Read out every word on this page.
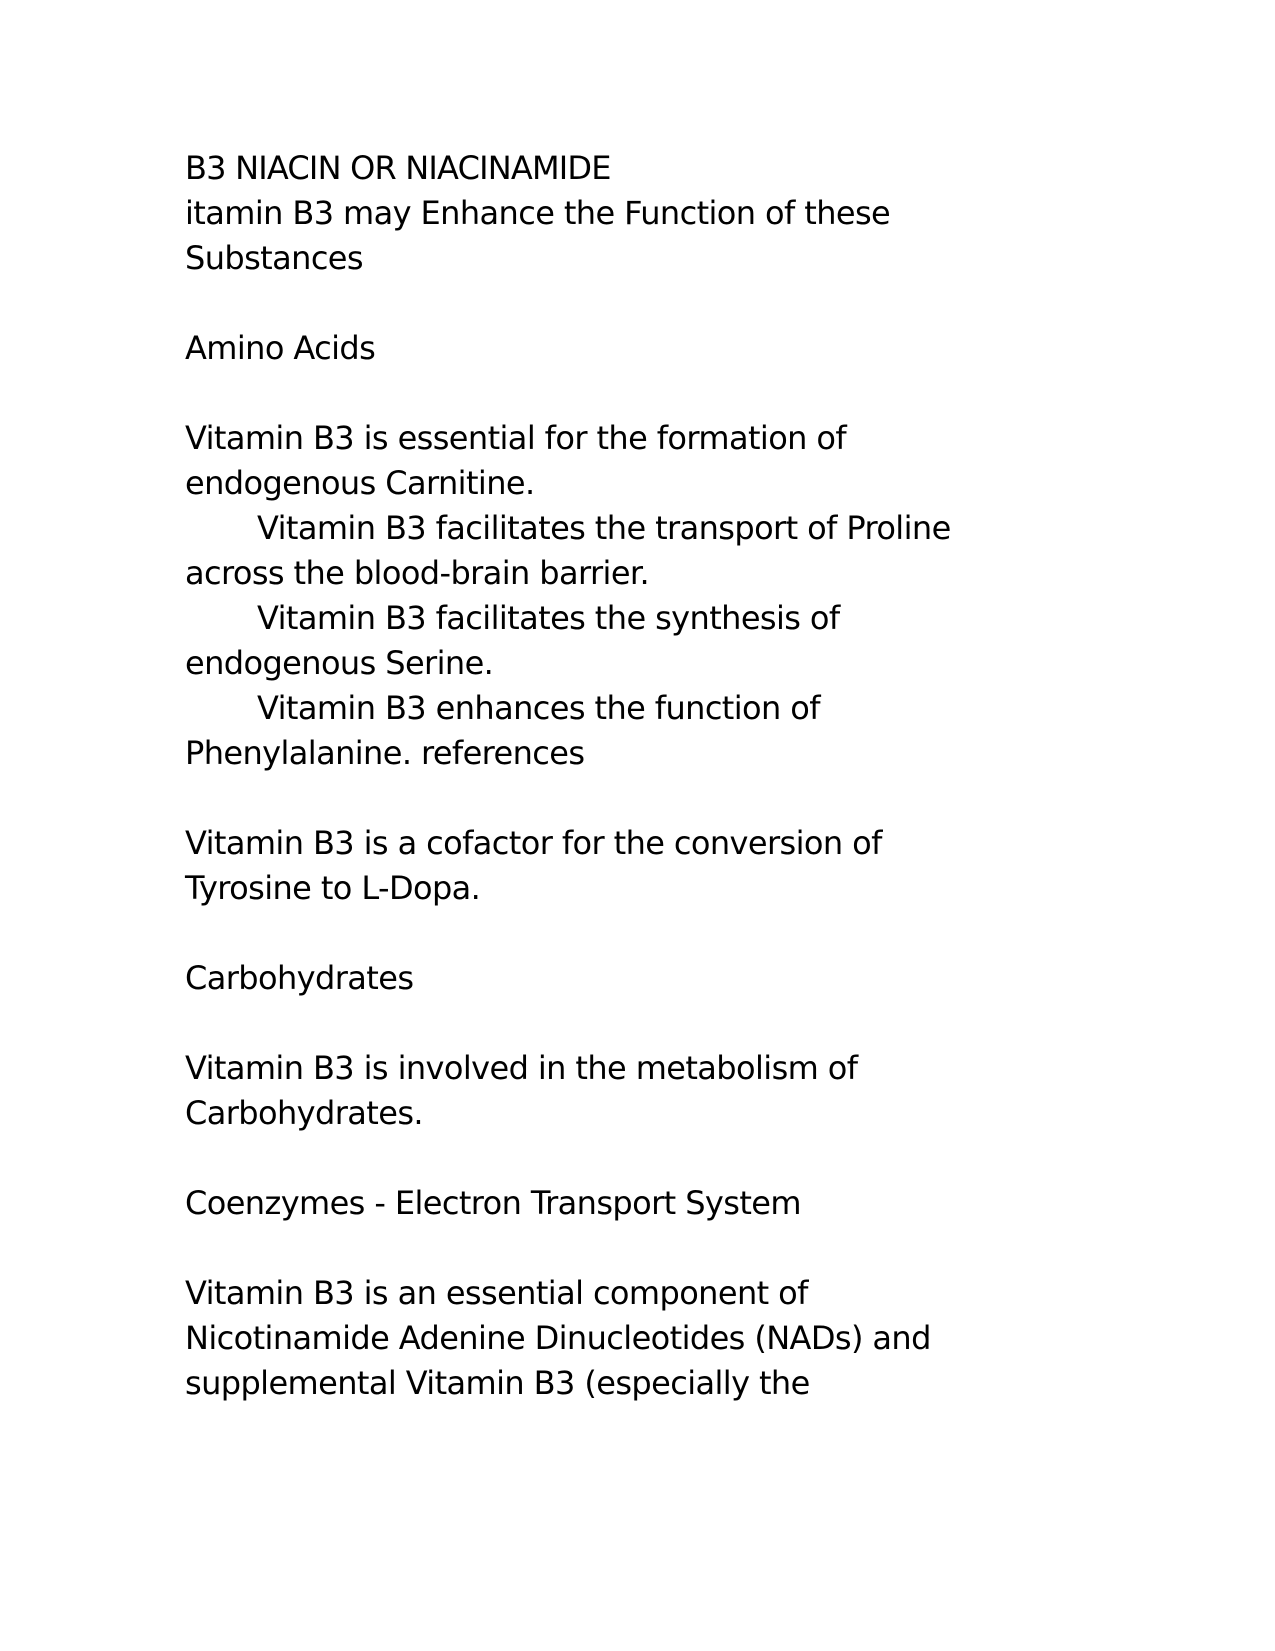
B3 NIACIN OR NIACINAMIDE
itamin B3 may Enhance the Function of these
Substances
Amino Acids
Vitamin B3 is essential for the formation of
endogenous Carnitine.
Vitamin B3 facilitates the transport of Proline
across the blood-brain barrier.
Vitamin B3 facilitates the synthesis of
endogenous Serine.
Vitamin B3 enhances the function of
Phenylalanine. references
Vitamin B3 is a cofactor for the conversion of
Tyrosine to L-Dopa.
Carbohydrates
Vitamin B3 is involved in the metabolism of
Carbohydrates.
Coenzymes - Electron Transport System
Vitamin B3 is an essential component of
Nicotinamide Adenine Dinucleotides (NADs) and
supplemental Vitamin B3 (especially the
